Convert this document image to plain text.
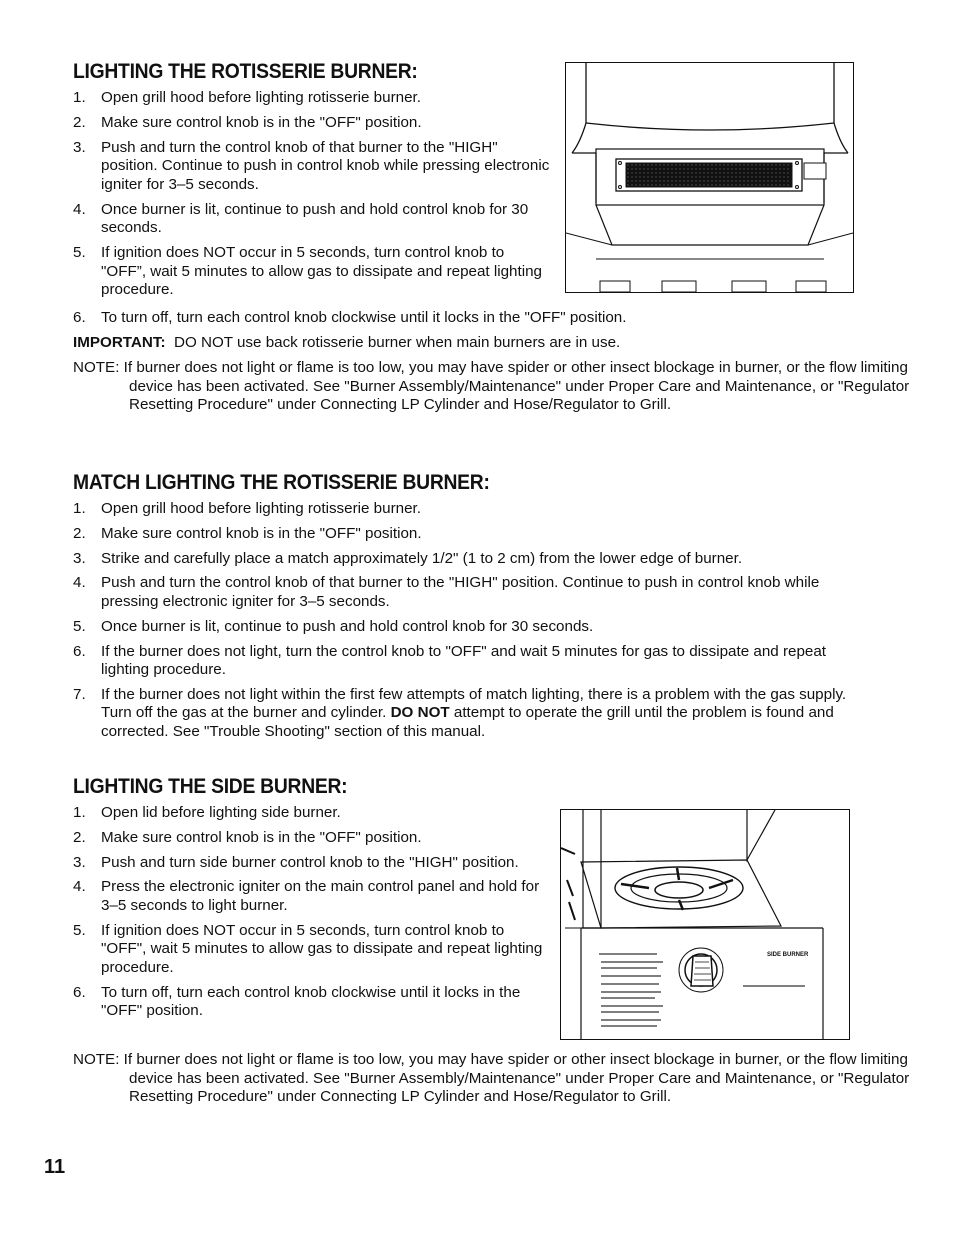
LIGHTING THE ROTISSERIE BURNER:
1. Open grill hood before lighting rotisserie burner.
2. Make sure control knob is in the "OFF" position.
3. Push and turn the control knob of that burner to the "HIGH" position. Continue to push in control knob while pressing electronic igniter for 3–5 seconds.
4. Once burner is lit, continue to push and hold control knob for 30 seconds.
5. If ignition does NOT occur in 5 seconds, turn control knob to "OFF”, wait 5 minutes to allow gas to dissipate and repeat lighting procedure.
6. To turn off, turn each control knob clockwise until it locks in the "OFF" position.

IMPORTANT: DO NOT use back rotisserie burner when main burners are in use.

NOTE: If burner does not light or flame is too low, you may have spider or other insect blockage in burner, or the flow limiting device has been activated. See "Burner Assembly/Maintenance" under Proper Care and Maintenance, or "Regulator Resetting Procedure" under Connecting LP Cylinder and Hose/Regulator to Grill.

MATCH LIGHTING THE ROTISSERIE BURNER:
1. Open grill hood before lighting rotisserie burner.
2. Make sure control knob is in the "OFF" position.
3. Strike and carefully place a match approximately 1/2" (1 to 2 cm) from the lower edge of burner.
4. Push and turn the control knob of that burner to the "HIGH" position. Continue to push in control knob while pressing electronic igniter for 3–5 seconds.
5. Once burner is lit, continue to push and hold control knob for 30 seconds.
6. If the burner does not light, turn the control knob to "OFF" and wait 5 minutes for gas to dissipate and repeat lighting procedure.
7. If the burner does not light within the first few attempts of match lighting, there is a problem with the gas supply. Turn off the gas at the burner and cylinder. DO NOT attempt to operate the grill until the problem is found and corrected. See "Trouble Shooting" section of this manual.
LIGHTING THE SIDE BURNER:
1. Open lid before lighting side burner.
2. Make sure control knob is in the "OFF" position.
3. Push and turn side burner control knob to the "HIGH" position.
4. Press the electronic igniter on the main control panel and hold for 3–5 seconds to light burner.
5. If ignition does NOT occur in 5 seconds, turn control knob to "OFF", wait 5 minutes to allow gas to dissipate and repeat lighting procedure.
6. To turn off, turn each control knob clockwise until it locks in the "OFF" position.

NOTE: If burner does not light or flame is too low, you may have spider or other insect blockage in burner, or the flow limiting device has been activated. See "Burner Assembly/Maintenance" under Proper Care and Maintenance, or "Regulator Resetting Procedure" under Connecting LP Cylinder and Hose/Regulator to Grill.

SIDE BURNER

11
